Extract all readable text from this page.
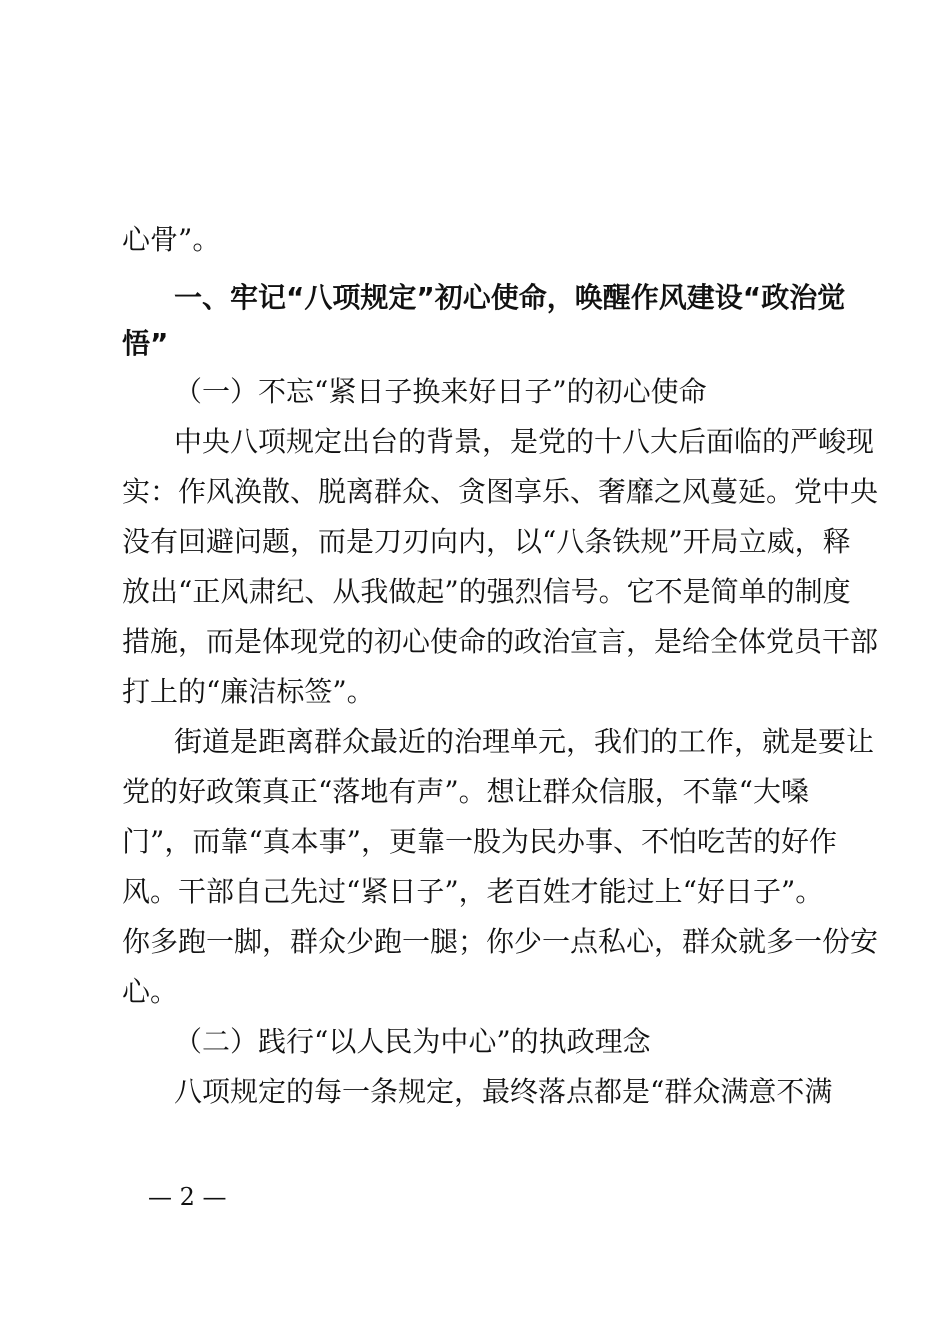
心骨”。
一、牢记“八项规定”初心使命，唤醒作风建设“政治觉
悟”
（一）不忘“紧日子换来好日子”的初心使命
中央八项规定出台的背景，是党的十八大后面临的严峻现
实：作风涣散、脱离群众、贪图享乐、奢靡之风蔓延。党中央
没有回避问题，而是刀刃向内，以“八条铁规”开局立威，释
放出“正风肃纪、从我做起”的强烈信号。它不是简单的制度
措施，而是体现党的初心使命的政治宣言，是给全体党员干部
打上的“廉洁标签”。
街道是距离群众最近的治理单元，我们的工作，就是要让
党的好政策真正“落地有声”。想让群众信服，不靠“大嗓
门”，而靠“真本事”，更靠一股为民办事、不怕吃苦的好作
风。干部自己先过“紧日子”，老百姓才能过上“好日子”。
你多跑一脚，群众少跑一腿；你少一点私心，群众就多一份安
心。
（二）践行“以人民为中心”的执政理念
八项规定的每一条规定，最终落点都是“群众满意不满
— 2 —
